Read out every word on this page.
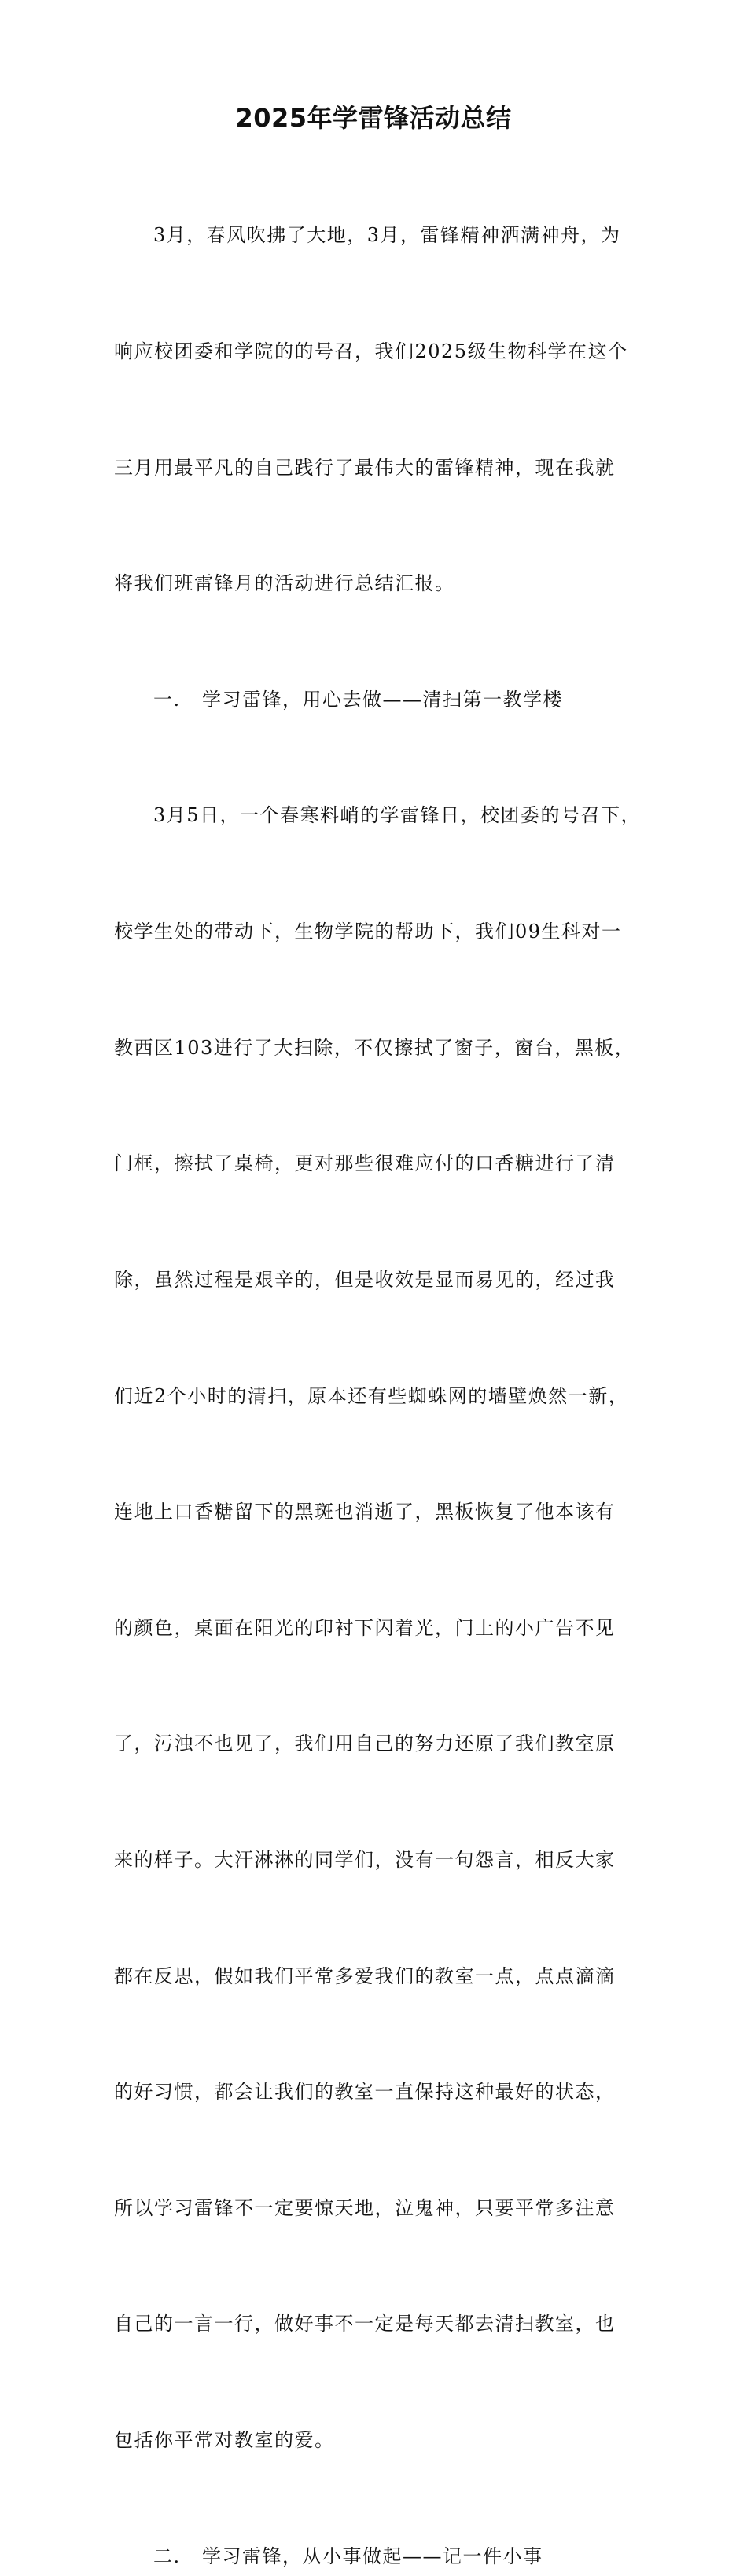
2025年学雷锋活动总结

3月，春风吹拂了大地，3月，雷锋精神洒满神舟，为

响应校团委和学院的的号召，我们2025级生物科学在这个

三月用最平凡的自己践行了最伟大的雷锋精神，现在我就

将我们班雷锋月的活动进行总结汇报。

一. 学习雷锋，用心去做——清扫第一教学楼

3月5日，一个春寒料峭的学雷锋日，校团委的号召下，

校学生处的带动下，生物学院的帮助下，我们09生科对一

教西区103进行了大扫除，不仅擦拭了窗子，窗台，黑板，

门框，擦拭了桌椅，更对那些很难应付的口香糖进行了清

除，虽然过程是艰辛的，但是收效是显而易见的，经过我

们近2个小时的清扫，原本还有些蜘蛛网的墙壁焕然一新，

连地上口香糖留下的黑斑也消逝了，黑板恢复了他本该有

的颜色，桌面在阳光的印衬下闪着光，门上的小广告不见

了，污浊不也见了，我们用自己的努力还原了我们教室原

来的样子。大汗淋淋的同学们，没有一句怨言，相反大家

都在反思，假如我们平常多爱我们的教室一点，点点滴滴

的好习惯，都会让我们的教室一直保持这种最好的状态，

所以学习雷锋不一定要惊天地，泣鬼神，只要平常多注意

自己的一言一行，做好事不一定是每天都去清扫教室，也

包括你平常对教室的爱。

二. 学习雷锋，从小事做起——记一件小事
